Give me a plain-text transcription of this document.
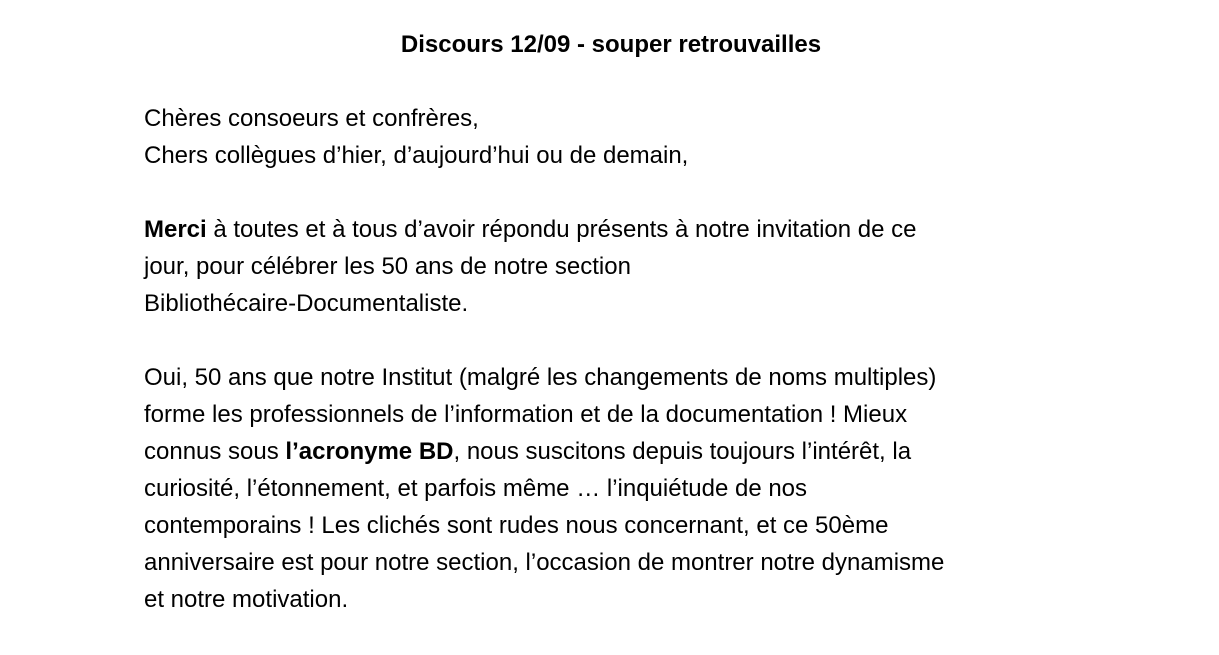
Discours 12/09 - souper retrouvailles
Chères consoeurs et confrères,
Chers collègues d’hier, d’aujourd’hui ou de demain,
Merci à toutes et à tous d’avoir répondu présents à notre invitation de ce
jour, pour célébrer les 50 ans de notre section
Bibliothécaire-Documentaliste.
Oui, 50 ans que notre Institut (malgré les changements de noms multiples)
forme les professionnels de l’information et de la documentation ! Mieux
connus sous l’acronyme BD, nous suscitons depuis toujours l’intérêt, la
curiosité, l’étonnement, et parfois même … l’inquiétude de nos
contemporains ! Les clichés sont rudes nous concernant, et ce 50ème
anniversaire est pour notre section, l’occasion de montrer notre dynamisme
et notre motivation.
